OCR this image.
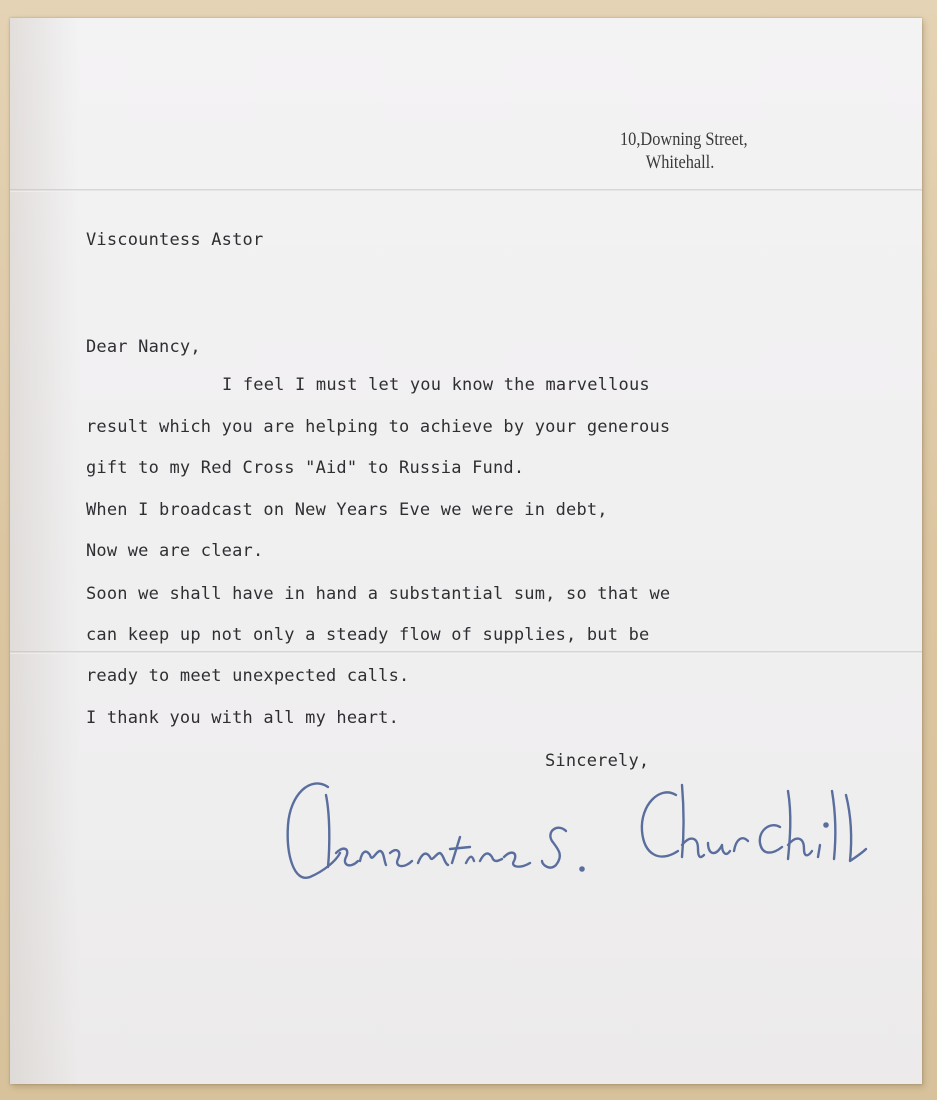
10,Downing Street,
Whitehall.
Viscountess Astor
Dear Nancy,
I feel I must let you know the marvellous
result which you are helping to achieve by your generous
gift to my Red Cross "Aid" to Russia Fund.
When I broadcast on New Years Eve we were in debt,
Now we are clear.
Soon we shall have in hand a substantial sum, so that we
can keep up not only a steady flow of supplies, but be
ready to meet unexpected calls.
I thank you with all my heart.
Sincerely,
